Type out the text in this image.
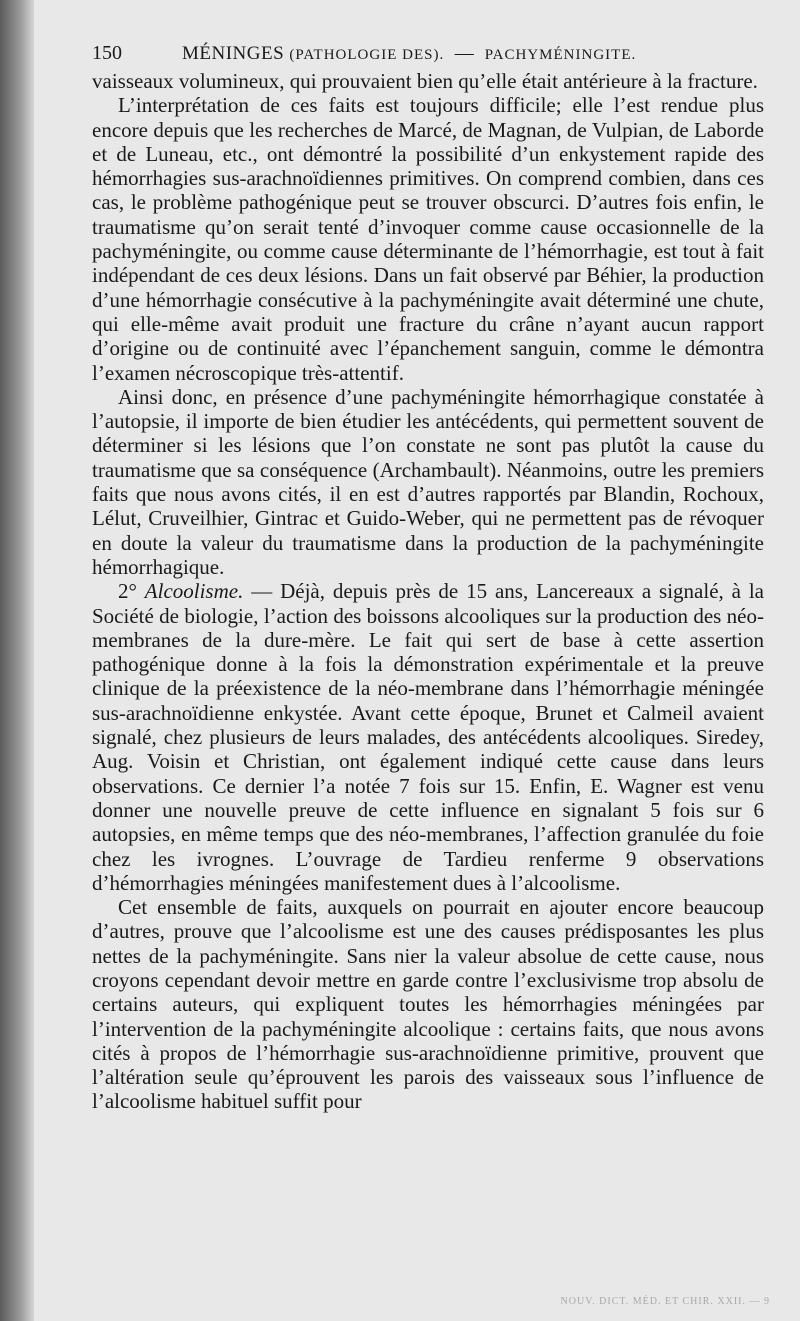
150	MÉNINGES (PATHOLOGIE DES). — PACHYMÉNINGITE.

vaisseaux volumineux, qui prouvaient bien qu’elle était antérieure à la fracture.

L’interprétation de ces faits est toujours difficile; elle l’est rendue plus encore depuis que les recherches de Marcé, de Magnan, de Vulpian, de Laborde et de Luneau, etc., ont démontré la possibilité d’un enkystement rapide des hémorrhagies sus-arachnoïdiennes primitives. On comprend combien, dans ces cas, le problème pathogénique peut se trouver obscurci. D’autres fois enfin, le traumatisme qu’on serait tenté d’invoquer comme cause occasionnelle de la pachyméningite, ou comme cause déterminante de l’hémorrhagie, est tout à fait indépendant de ces deux lésions. Dans un fait observé par Béhier, la production d’une hémorrhagie consécutive à la pachyméningite avait déterminé une chute, qui elle-même avait produit une fracture du crâne n’ayant aucun rapport d’origine ou de continuité avec l’épanchement sanguin, comme le démontra l’examen nécroscopique très-attentif.

Ainsi donc, en présence d’une pachyméningite hémorrhagique constatée à l’autopsie, il importe de bien étudier les antécédents, qui permettent souvent de déterminer si les lésions que l’on constate ne sont pas plutôt la cause du traumatisme que sa conséquence (Archambault). Néanmoins, outre les premiers faits que nous avons cités, il en est d’autres rapportés par Blandin, Rochoux, Lélut, Cruveilhier, Gintrac et Guido-Weber, qui ne permettent pas de révoquer en doute la valeur du traumatisme dans la production de la pachyméningite hémorrhagique.

2° Alcoolisme. — Déjà, depuis près de 15 ans, Lancereaux a signalé, à la Société de biologie, l’action des boissons alcooliques sur la production des néo-membranes de la dure-mère. Le fait qui sert de base à cette assertion pathogénique donne à la fois la démonstration expérimentale et la preuve clinique de la préexistence de la néo-membrane dans l’hémorrhagie méningée sus-arachnoïdienne enkystée. Avant cette époque, Brunet et Calmeil avaient signalé, chez plusieurs de leurs malades, des antécédents alcooliques. Siredey, Aug. Voisin et Christian, ont également indiqué cette cause dans leurs observations. Ce dernier l’a notée 7 fois sur 15. Enfin, E. Wagner est venu donner une nouvelle preuve de cette influence en signalant 5 fois sur 6 autopsies, en même temps que des néo-membranes, l’affection granulée du foie chez les ivrognes. L’ouvrage de Tardieu renferme 9 observations d’hémorrhagies méningées manifestement dues à l’alcoolisme.

Cet ensemble de faits, auxquels on pourrait en ajouter encore beaucoup d’autres, prouve que l’alcoolisme est une des causes prédisposantes les plus nettes de la pachyméningite. Sans nier la valeur absolue de cette cause, nous croyons cependant devoir mettre en garde contre l’exclusivisme trop absolu de certains auteurs, qui expliquent toutes les hémorrhagies méningées par l’intervention de la pachyméningite alcoolique : certains faits, que nous avons cités à propos de l’hémorrhagie sus-arachnoïdienne primitive, prouvent que l’altération seule qu’éprouvent les parois des vaisseaux sous l’influence de l’alcoolisme habituel suffit pour

NOUV. DICT. MÉD. ET CHIR. XXII. — 9
